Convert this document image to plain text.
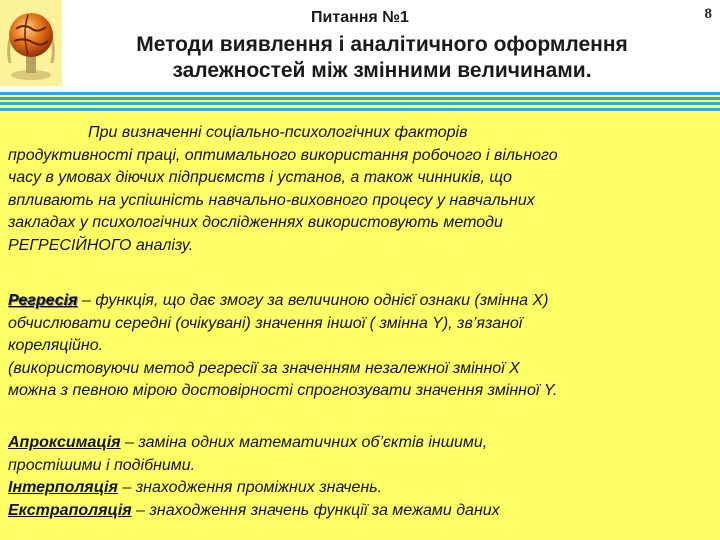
Питання №1
Методи виявлення і аналітичного оформлення
залежностей між змінними величинами.
8
При визначенні соціально-психологічних факторів
продуктивності праці, оптимального використання робочого і вільного
часу в умовах діючих підприємств і установ, а також чинників, що
впливають на успішність навчально-виховного процесу у навчальних
закладах у психологічних дослідженнях використовують методи
РЕГРЕСІЙНОГО аналізу.
Регресія – функція, що дає змогу за величиною однієї ознаки (змінна X)
обчислювати середні (очікувані) значення іншої ( змінна Y), зв’язаної
кореляційно.
(використовуючи метод регресії за значенням незалежної змінної X
можна з певною мірою достовірності спрогнозувати значення змінної Y.
Апроксимація – заміна одних математичних об’єктів іншими,
простішими і подібними.
Інтерполяція – знаходження проміжних значень.
Екстраполяція – знаходження значень функції за межами даних
